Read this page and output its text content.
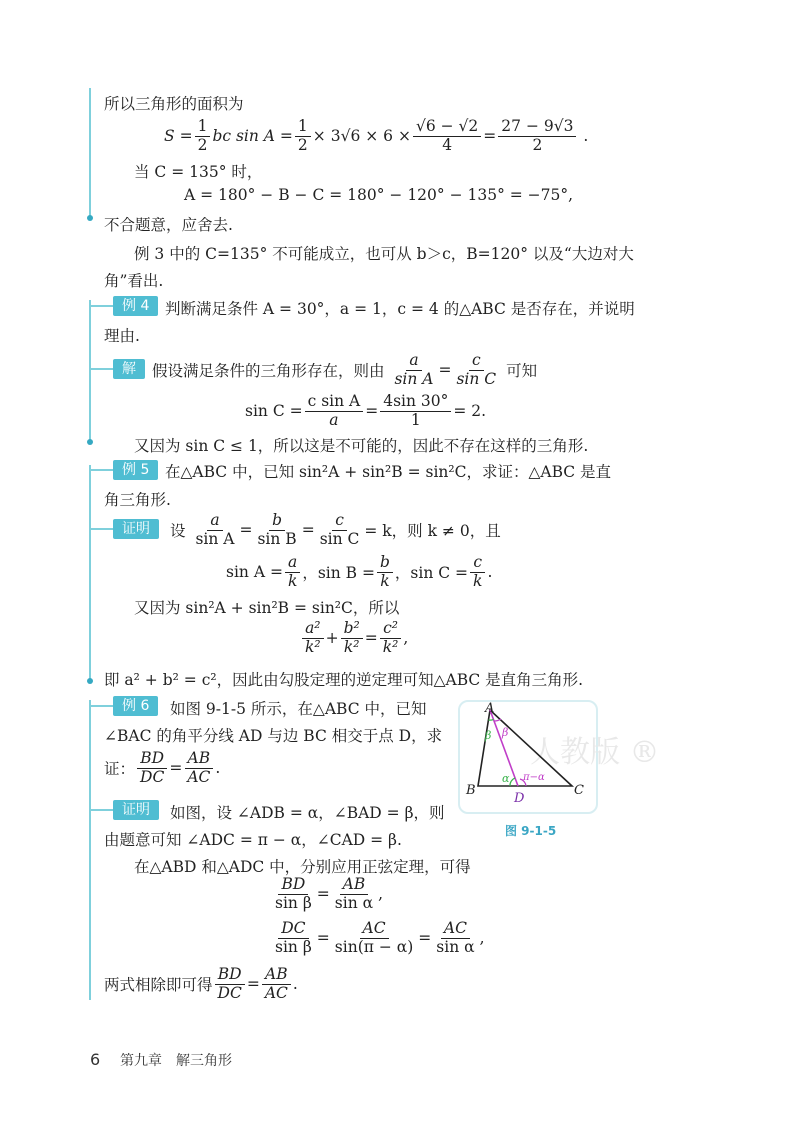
所以三角形的面积为
S
= $\frac{1}{2}$ bc sin A
= $\frac{1}{2} \times 3$ √6
× $6 \times \frac{√6 - √2}{4} = \frac{27 - 9√3}{2}$ .
当 C = 135° 时，
A = 180° − B − C = 180° − 120° − 135° = −75°,
不合题意，应舍去.
例 3 中的 C=135° 不可能成立，也可从 b＞c，B=120° 以及“大边对大
角”看出.
例 4	判断满足条件 A = 30°，a = 1，c = 4 的△ABC 是否存在，并说明
理由.
解	假设满足条件的三角形存在，则由
$\frac{a}{\text{sin A}} = \frac{c}{\text{sin C}}$
可知
$\sin C = \frac{\text{c sin A}}{a} = \frac{4\sin 30^\circ}{1} = 2$.
又因为 sin C ≤ 1，所以这是不可能的，因此不存在这样的三角形.
例 5	在△ABC 中，已知 sin²A + sin²B = sin²C，求证：△ABC 是直
角三角形.
证明	设
$\frac{a}{\text{sin A}} = \frac{b}{\text{sin B}} = \frac{c}{\text{sin C}} = k$，则 k ≠ 0，且
$\sin A = \frac{a}{k}$ ，$\sin B = \frac{b}{k}$ ，$\sin C = \frac{c}{k}$ .
又因为 sin²A + sin²B = sin²C，所以
$\frac{\text{a²}}{\text{k²}} + \frac{\text{b²}}{\text{k²}} = \frac{\text{c²}}{\text{k²}}$ ,
即 a² + b² = c²，因此由勾股定理的逆定理可知△ABC 是直角三角形.
例 6	如图 9-1-5 所示，在△ABC 中，已知
∠BAC 的角平分线 AD 与边 BC 相交于点 D，求
证： $\frac{BD}{DC} = \frac{AB}{AC}$ .
证明	如图，设 ∠ADB = α，∠BAD = β，则
由题意可知 ∠ADC = π − α，∠CAD = β.
在△ABD 和△ADC 中，分别应用正弦定理，可得
$\frac{BD}{\text{sin β}} = \frac{AB}{\text{sin α}}$ ,
$\frac{DC}{\text{sin β}} = \frac{AC}{\sin(\pi - \alpha)} = \frac{AC}{\text{sin α}}$ ,
两式相除即可得 $\frac{BD}{DC} = \frac{AB}{AC}$ .
人教版 ®
A
B	C
D
β β
α π−α
图 9-1-5
6 第九章　解三角形
